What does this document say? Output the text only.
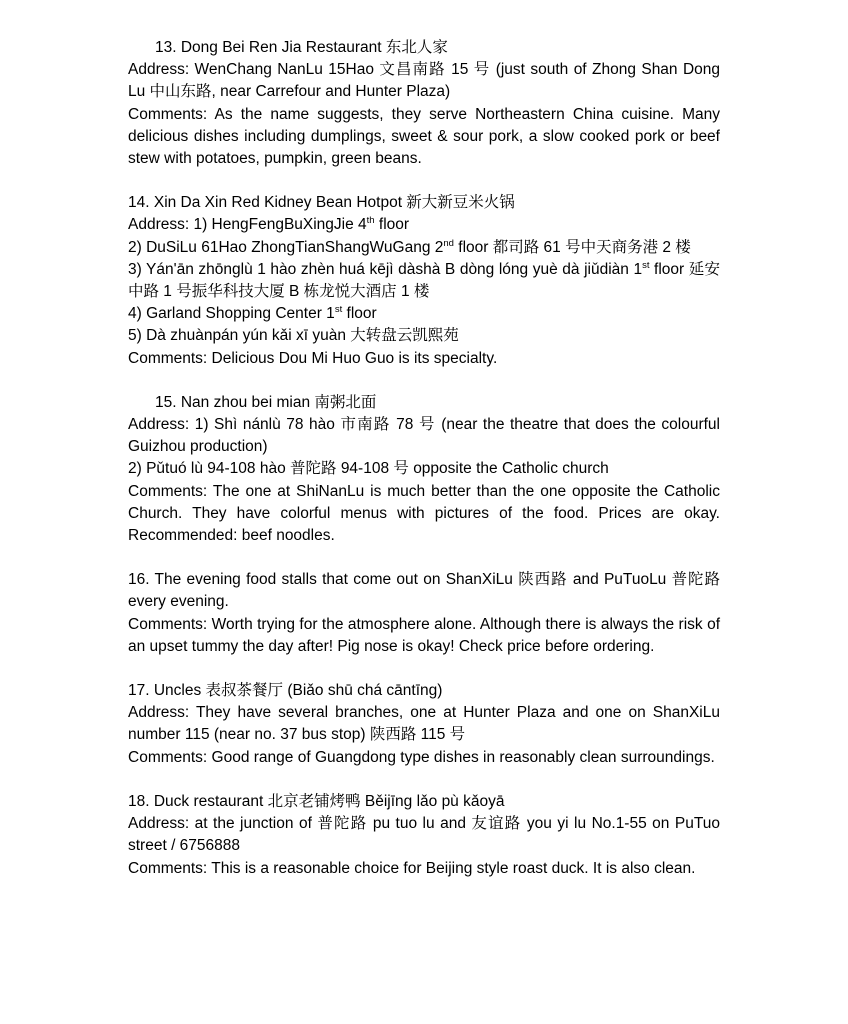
13. Dong Bei Ren Jia Restaurant 东北人家
Address: WenChang NanLu 15Hao 文昌南路 15 号 (just south of Zhong Shan Dong Lu 中山东路, near Carrefour and Hunter Plaza)
Comments: As the name suggests, they serve Northeastern China cuisine. Many delicious dishes including dumplings, sweet & sour pork, a slow cooked pork or beef stew with potatoes, pumpkin, green beans.
14. Xin Da Xin Red Kidney Bean Hotpot 新大新豆米火锅
Address: 1) HengFengBuXingJie 4th floor
2) DuSiLu 61Hao ZhongTianShangWuGang 2nd floor 都司路 61 号中天商务港 2 楼
3) Yán'ān zhōnglù 1 hào zhèn huá kējì dàshà B dòng lóng yuè dà jiǔdiàn 1st floor 延安中路 1 号振华科技大厦 B 栋龙悦大酒店 1 楼
4) Garland Shopping Center 1st floor
5) Dà zhuànpán yún kǎi xī yuàn 大转盘云凯熙苑
Comments: Delicious Dou Mi Huo Guo is its specialty.
15. Nan zhou bei mian 南粥北面
Address: 1) Shì nánlù 78 hào 市南路 78 号 (near the theatre that does the colourful Guizhou production)
2) Pǔtuó lù 94-108 hào 普陀路 94-108 号 opposite the Catholic church
Comments: The one at ShiNanLu is much better than the one opposite the Catholic Church. They have colorful menus with pictures of the food. Prices are okay. Recommended: beef noodles.
16. The evening food stalls that come out on ShanXiLu 陕西路 and PuTuoLu 普陀路 every evening.
Comments: Worth trying for the atmosphere alone. Although there is always the risk of an upset tummy the day after! Pig nose is okay! Check price before ordering.
17. Uncles 表叔茶餐厅 (Biǎo shū chá cāntīng)
Address: They have several branches, one at Hunter Plaza and one on ShanXiLu number 115 (near no. 37 bus stop) 陕西路 115 号
Comments: Good range of Guangdong type dishes in reasonably clean surroundings.
18. Duck restaurant 北京老铺烤鸭 Běijīng lǎo pù kǎoyā
Address: at the junction of 普陀路 pu tuo lu and 友谊路 you yi lu No.1-55 on PuTuo street / 6756888
Comments: This is a reasonable choice for Beijing style roast duck. It is also clean.
